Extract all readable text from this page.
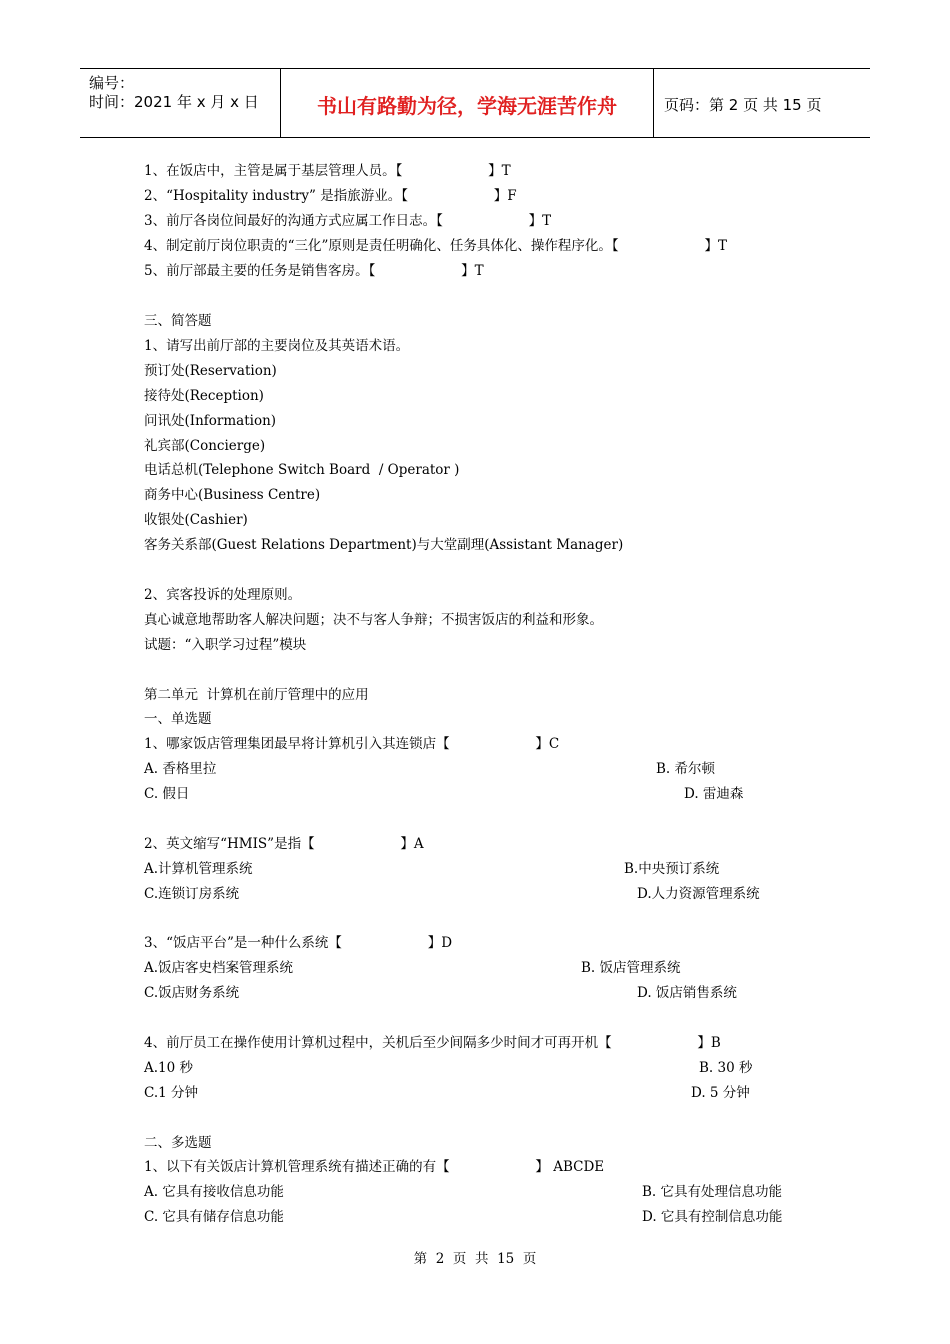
编号：
时间：2021 年 x 月 x 日	书山有路勤为径，学海无涯苦作舟	页码：第 2 页 共 15 页
1、在饭店中，主管是属于基层管理人员。【                    】T
2、“Hospitality industry” 是指旅游业。【                    】F
3、前厅各岗位间最好的沟通方式应属工作日志。【                    】T
4、制定前厅岗位职责的“三化”原则是责任明确化、任务具体化、操作程序化。【                    】T
5、前厅部最主要的任务是销售客房。【                    】T
三、简答题
1、请写出前厅部的主要岗位及其英语术语。
预订处(Reservation)
接待处(Reception)
问讯处(Information)
礼宾部(Concierge)
电话总机(Telephone Switch Board  / Operator )
商务中心(Business Centre)
收银处(Cashier)
客务关系部(Guest Relations Department)与大堂副理(Assistant Manager)
2、宾客投诉的处理原则。
真心诚意地帮助客人解决问题；决不与客人争辩；不损害饭店的利益和形象。
试题：“入职学习过程”模块
第二单元  计算机在前厅管理中的应用
一、单选题
1、哪家饭店管理集团最早将计算机引入其连锁店【                    】C
A. 香格里拉	B. 希尔顿
C. 假日	D. 雷迪森
2、英文缩写“HMIS”是指【                    】A
A.计算机管理系统	B.中央预订系统
C.连锁订房系统	D.人力资源管理系统
3、“饭店平台”是一种什么系统【                    】D
A.饭店客史档案管理系统	B. 饭店管理系统
C.饭店财务系统	D. 饭店销售系统
4、前厅员工在操作使用计算机过程中，关机后至少间隔多少时间才可再开机【                    】B
A.10 秒	B. 30 秒
C.1 分钟	D. 5 分钟
二、多选题
1、以下有关饭店计算机管理系统有描述正确的有【                    】 ABCDE
A. 它具有接收信息功能	B. 它具有处理信息功能
C. 它具有储存信息功能	D. 它具有控制信息功能
第  2  页  共  15  页
